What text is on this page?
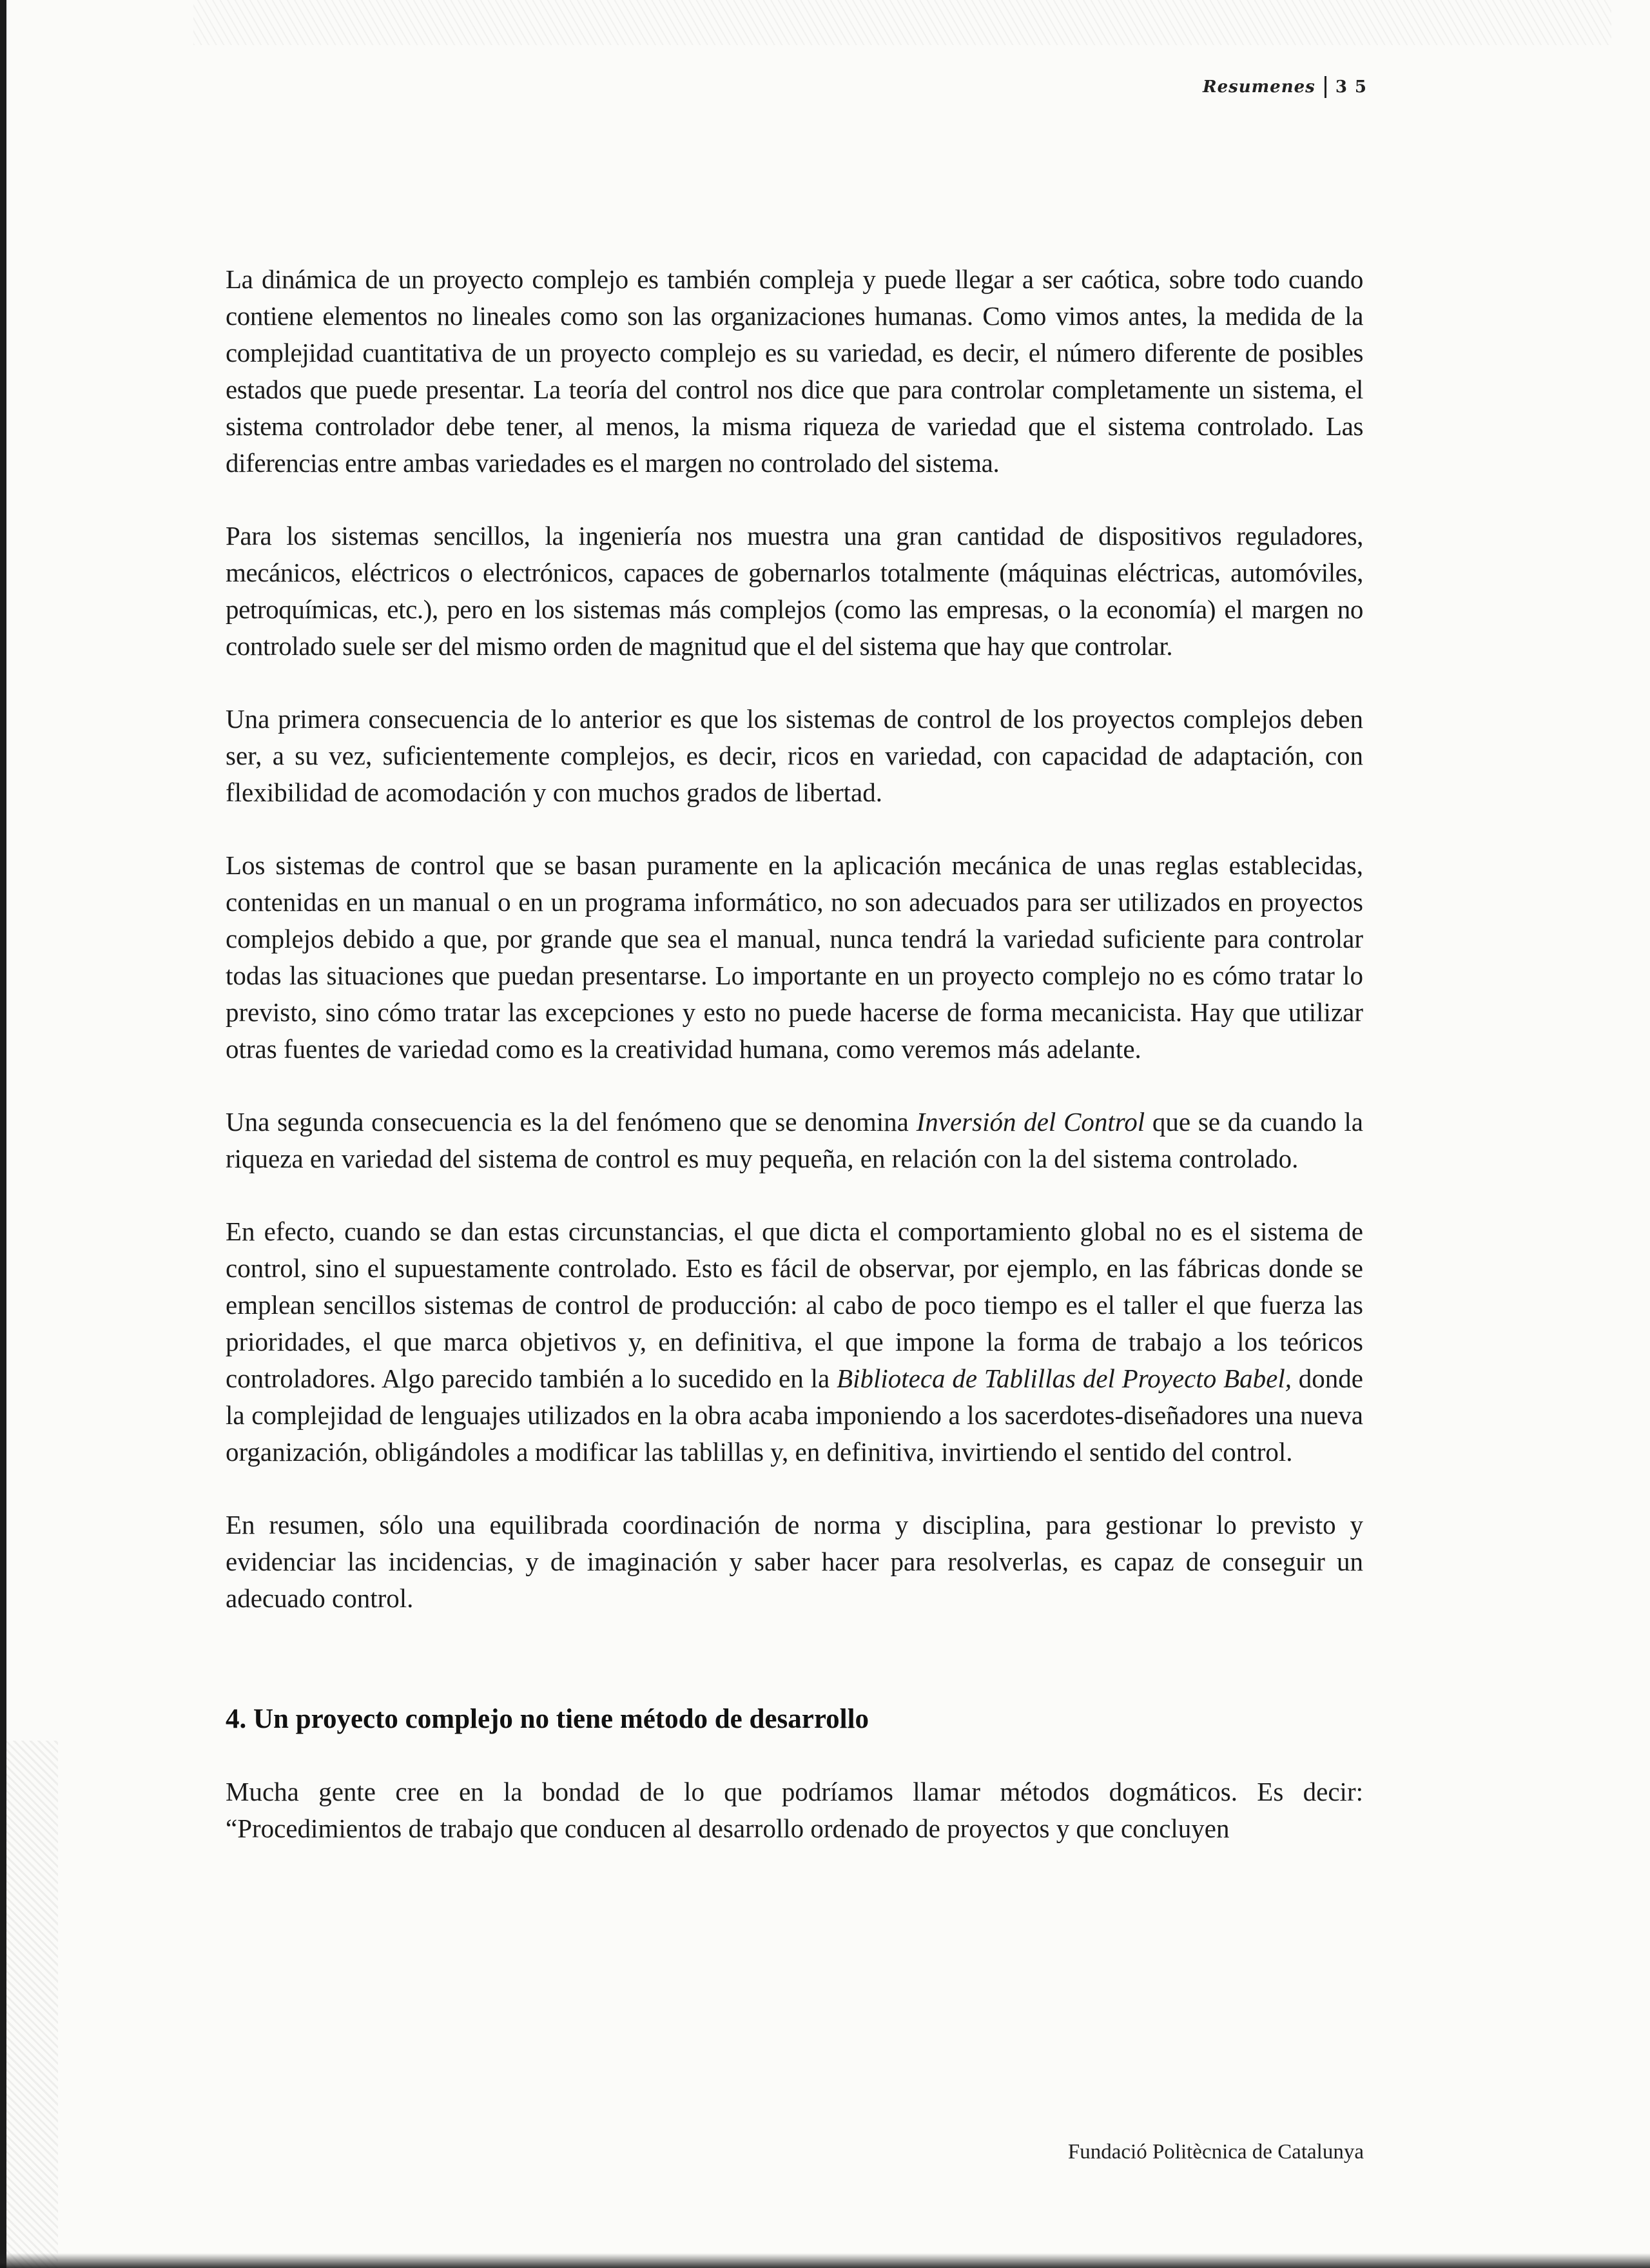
Resumenes 35

La dinámica de un proyecto complejo es también compleja y puede llegar a ser caótica, sobre todo cuando contiene elementos no lineales como son las organizaciones humanas. Como vimos antes, la medida de la complejidad cuantitativa de un proyecto complejo es su variedad, es decir, el número diferente de posibles estados que puede presentar. La teoría del control nos dice que para controlar completamente un sistema, el sistema controlador debe tener, al menos, la misma riqueza de variedad que el sistema controlado. Las diferencias entre ambas variedades es el margen no controlado del sistema.

Para los sistemas sencillos, la ingeniería nos muestra una gran cantidad de dispositivos reguladores, mecánicos, eléctricos o electrónicos, capaces de gobernarlos totalmente (máquinas eléctricas, automóviles, petroquímicas, etc.), pero en los sistemas más complejos (como las empresas, o la economía) el margen no controlado suele ser del mismo orden de magnitud que el del sistema que hay que controlar.

Una primera consecuencia de lo anterior es que los sistemas de control de los proyectos complejos deben ser, a su vez, suficientemente complejos, es decir, ricos en variedad, con capacidad de adaptación, con flexibilidad de acomodación y con muchos grados de libertad.

Los sistemas de control que se basan puramente en la aplicación mecánica de unas reglas establecidas, contenidas en un manual o en un programa informático, no son adecuados para ser utilizados en proyectos complejos debido a que, por grande que sea el manual, nunca tendrá la variedad suficiente para controlar todas las situaciones que puedan presentarse. Lo importante en un proyecto complejo no es cómo tratar lo previsto, sino cómo tratar las excepciones y esto no puede hacerse de forma mecanicista. Hay que utilizar otras fuentes de variedad como es la creatividad humana, como veremos más adelante.

Una segunda consecuencia es la del fenómeno que se denomina Inversión del Control que se da cuando la riqueza en variedad del sistema de control es muy pequeña, en relación con la del sistema controlado.

En efecto, cuando se dan estas circunstancias, el que dicta el comportamiento global no es el sistema de control, sino el supuestamente controlado. Esto es fácil de observar, por ejemplo, en las fábricas donde se emplean sencillos sistemas de control de producción: al cabo de poco tiempo es el taller el que fuerza las prioridades, el que marca objetivos y, en definitiva, el que impone la forma de trabajo a los teóricos controladores. Algo parecido también a lo sucedido en la Biblioteca de Tablillas del Proyecto Babel, donde la complejidad de lenguajes utilizados en la obra acaba imponiendo a los sacerdotes-diseñadores una nueva organización, obligándoles a modificar las tablillas y, en definitiva, invirtiendo el sentido del control.

En resumen, sólo una equilibrada coordinación de norma y disciplina, para gestionar lo previsto y evidenciar las incidencias, y de imaginación y saber hacer para resolverlas, es capaz de conseguir un adecuado control.

4. Un proyecto complejo no tiene método de desarrollo

Mucha gente cree en la bondad de lo que podríamos llamar métodos dogmáticos. Es decir: “Procedimientos de trabajo que conducen al desarrollo ordenado de proyectos y que concluyen

Fundació Politècnica de Catalunya
